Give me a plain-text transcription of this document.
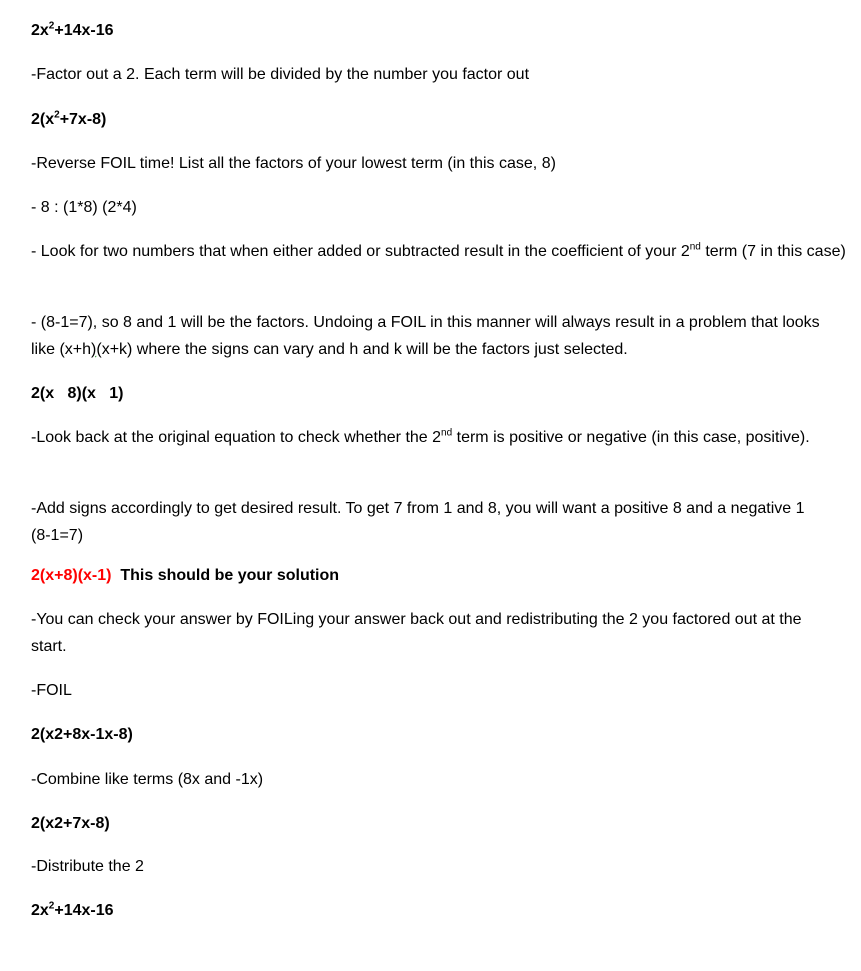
$2x^2+14x-16$

-Factor out a 2. Each term will be divided by the number you factor out

$2(x^2+7x-8)$

-Reverse FOIL time! List all the factors of your lowest term (in this case, 8)

- 8 : (1*8) (2*4)

- Look for two numbers that when either added or subtracted result in the coefficient of your 2nd term (7 in this case)

- (8-1=7), so 8 and 1 will be the factors. Undoing a FOIL in this manner will always result in a problem that looks like (x+h)(x+k) where the signs can vary and h and k will be the factors just selected.

2(x   8)(x   1)

-Look back at the original equation to check whether the 2nd term is positive or negative (in this case, positive).

-Add signs accordingly to get desired result. To get 7 from 1 and 8, you will want a positive 8 and a negative 1 (8-1=7)

2(x+8)(x-1) This should be your solution

-You can check your answer by FOILing your answer back out and redistributing the 2 you factored out at the start.

-FOIL

2(x2+8x-1x-8)

-Combine like terms (8x and -1x)

2(x2+7x-8)

-Distribute the 2

$2x^2+14x-16$
